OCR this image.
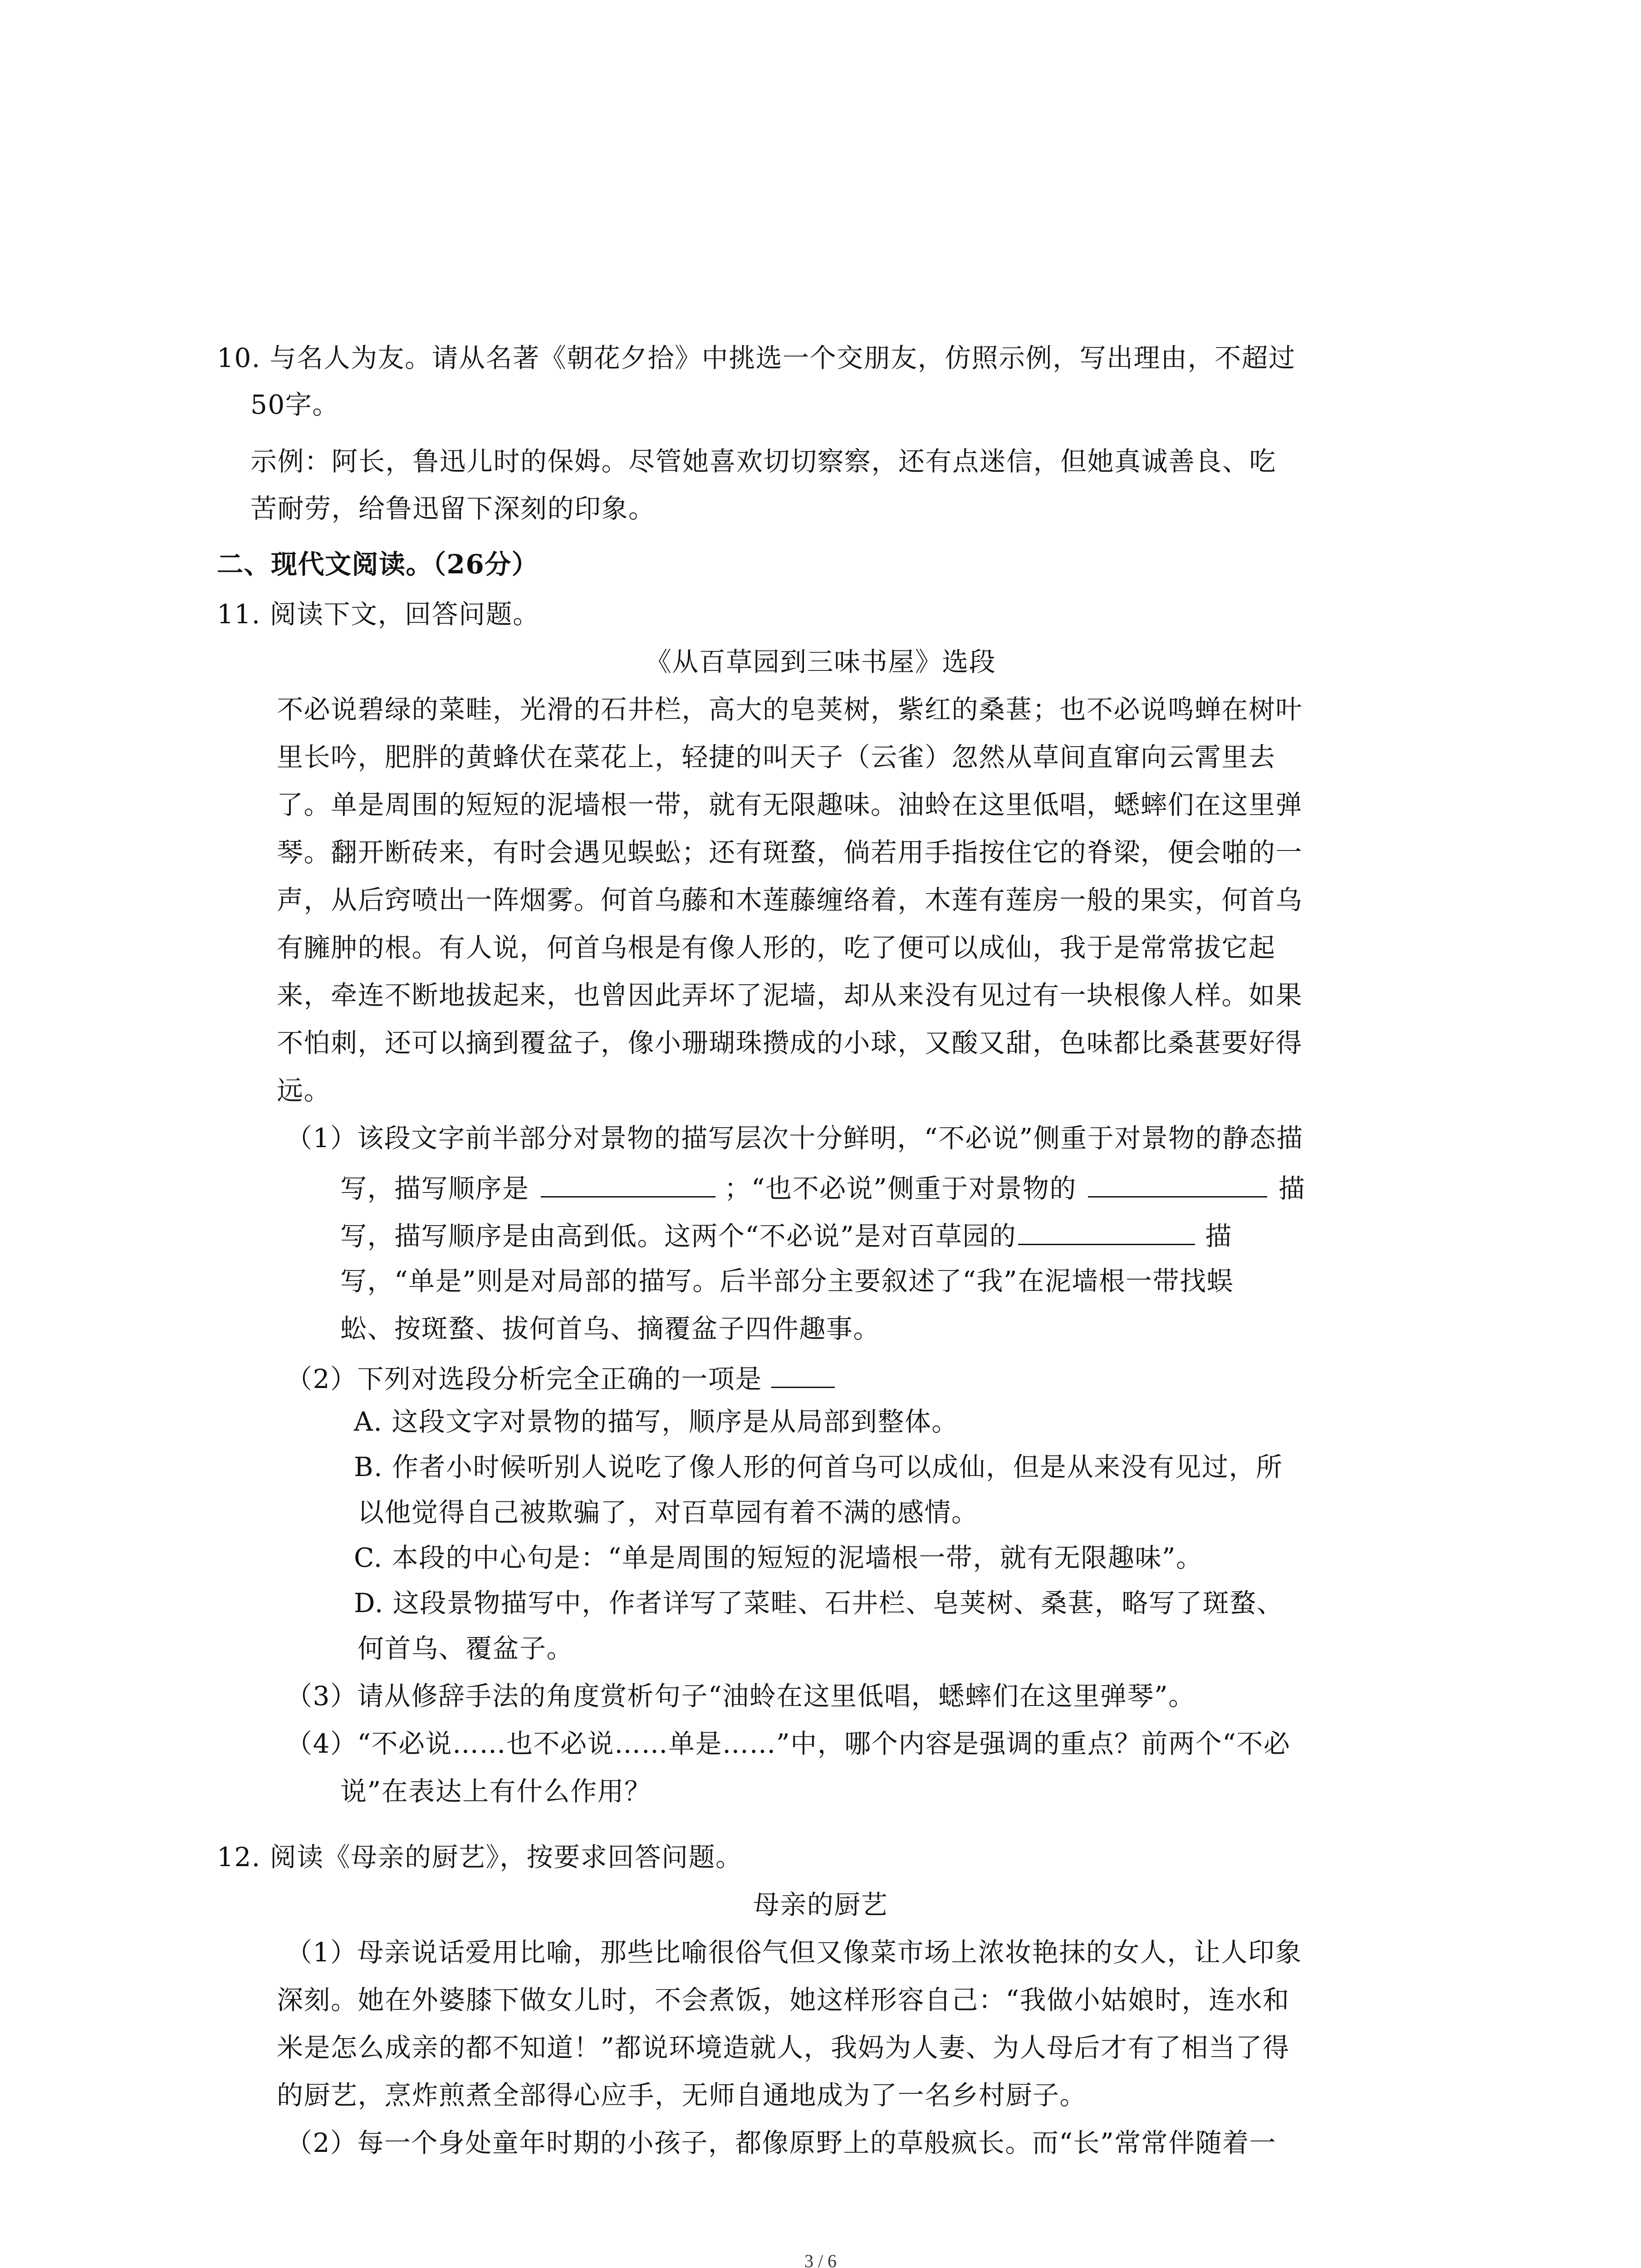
10. 与名人为友。请从名著《朝花夕拾》中挑选一个交朋友，仿照示例，写出理由，不超过
50字。
示例：阿长，鲁迅儿时的保姆。尽管她喜欢切切察察，还有点迷信，但她真诚善良、吃
苦耐劳，给鲁迅留下深刻的印象。
二、现代文阅读。（26分）
11. 阅读下文，回答问题。
《从百草园到三味书屋》选段
不必说碧绿的菜畦，光滑的石井栏，高大的皂荚树，紫红的桑葚；也不必说鸣蝉在树叶
里长吟，肥胖的黄蜂伏在菜花上，轻捷的叫天子（云雀）忽然从草间直窜向云霄里去
了。单是周围的短短的泥墙根一带，就有无限趣味。油蛉在这里低唱，蟋蟀们在这里弹
琴。翻开断砖来，有时会遇见蜈蚣；还有斑蝥，倘若用手指按住它的脊梁，便会啪的一
声，从后窍喷出一阵烟雾。何首乌藤和木莲藤缠络着，木莲有莲房一般的果实，何首乌
有臃肿的根。有人说，何首乌根是有像人形的，吃了便可以成仙，我于是常常拔它起
来，牵连不断地拔起来，也曾因此弄坏了泥墙，却从来没有见过有一块根像人样。如果
不怕刺，还可以摘到覆盆子，像小珊瑚珠攒成的小球，又酸又甜，色味都比桑葚要好得
远。
（1）该段文字前半部分对景物的描写层次十分鲜明，“不必说”侧重于对景物的静态描
写，描写顺序是	；“也不必说”侧重于对景物的	描
写，描写顺序是由高到低。这两个“不必说”是对百草园的	描
写，“单是”则是对局部的描写。后半部分主要叙述了“我”在泥墙根一带找蜈
蚣、按斑蝥、拔何首乌、摘覆盆子四件趣事。
（2）下列对选段分析完全正确的一项是
A. 这段文字对景物的描写，顺序是从局部到整体。
B. 作者小时候听别人说吃了像人形的何首乌可以成仙，但是从来没有见过，所
以他觉得自己被欺骗了，对百草园有着不满的感情。
C. 本段的中心句是：“单是周围的短短的泥墙根一带，就有无限趣味”。
D. 这段景物描写中，作者详写了菜畦、石井栏、皂荚树、桑葚，略写了斑蝥、
何首乌、覆盆子。
（3）请从修辞手法的角度赏析句子“油蛉在这里低唱，蟋蟀们在这里弹琴”。
（4）“不必说……也不必说……单是……”中，哪个内容是强调的重点？前两个“不必
说”在表达上有什么作用？
12. 阅读《母亲的厨艺》，按要求回答问题。
母亲的厨艺
（1）母亲说话爱用比喻，那些比喻很俗气但又像菜市场上浓妆艳抹的女人，让人印象
深刻。她在外婆膝下做女儿时，不会煮饭，她这样形容自己：“我做小姑娘时，连水和
米是怎么成亲的都不知道！”都说环境造就人，我妈为人妻、为人母后才有了相当了得
的厨艺，烹炸煎煮全部得心应手，无师自通地成为了一名乡村厨子。
（2）每一个身处童年时期的小孩子，都像原野上的草般疯长。而“长”常常伴随着一
3 / 6
